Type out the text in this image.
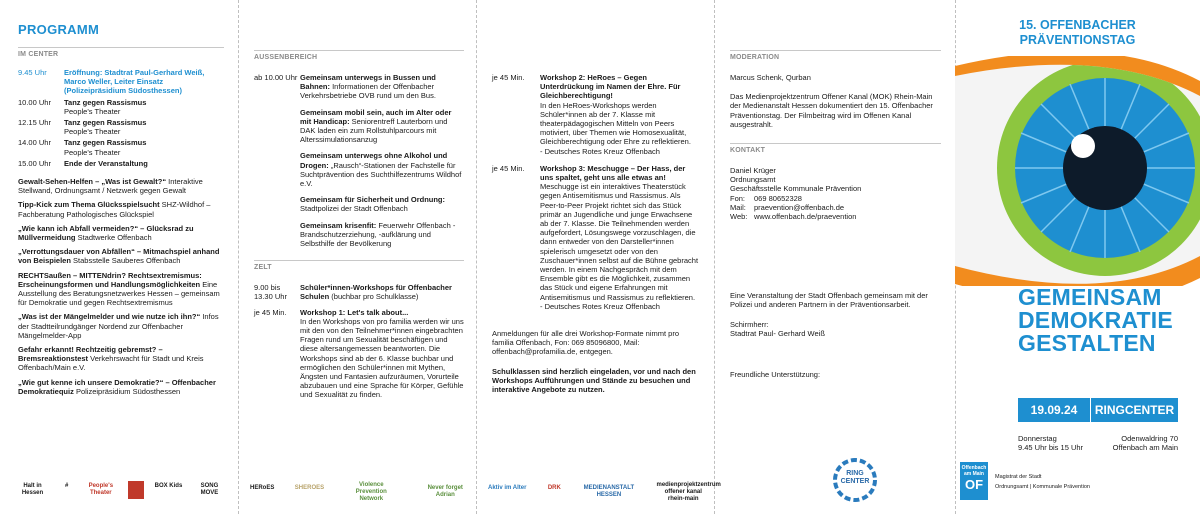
PROGRAMM
IM CENTER
9.45 Uhr	Eröffnung: Stadtrat Paul-Gerhard Weiß,
Marco Weller, Leiter Einsatz
(Polizeipräsidium Südosthessen)
10.00 Uhr	Tanz gegen Rassismus
People's Theater
12.15 Uhr	Tanz gegen Rassismus
People's Theater
14.00 Uhr	Tanz gegen Rassismus
People's Theater
15.00 Uhr	Ende der Veranstaltung
Gewalt-Sehen-Helfen – „Was ist Gewalt?“ Interaktive Stellwand, Ordnungsamt / Netzwerk gegen Gewalt
Tipp-Kick zum Thema Glücksspielsucht SHZ-Wildhof – Fachberatung Pathologisches Glückspiel
„Wie kann ich Abfall vermeiden?“ – Glücksrad zu Müllvermeidung Stadtwerke Offenbach
„Verrottungsdauer von Abfällen“ – Mitmachspiel anhand von Beispielen Stabsstelle Sauberes Offenbach
RECHTSaußen – MITTENdrin? Rechtsextremismus: Erscheinungsformen und Handlungsmöglichkeiten Eine Ausstellung des Beratungsnetzwerkes Hessen – gemeinsam für Demokratie und gegen Rechtsextremismus
„Was ist der Mängelmelder und wie nutze ich ihn?“ Infos der Stadtteilrundgänger Nordend zur Offenbacher Mängelmelder-App
Gefahr erkannt! Rechtzeitig gebremst? – Bremsreaktionstest Verkehrswacht für Stadt und Kreis Offenbach/Main e.V.
„Wie gut kenne ich unsere Demokratie?“ – Offenbacher Demokratiequiz Polizeipräsidium Südosthessen
Halt in Hessen
#	People's Theater
BOX Kids	SONG MOVE
AUSSENBEREICH
ab 10.00 Uhr Gemeinsam unterwegs in Bussen und Bahnen: Informationen der Offenbacher Verkehrsbetriebe OVB rund um den Bus.
Gemeinsam mobil sein, auch im Alter oder mit Handicap: Seniorentreff Lauterborn und DAK laden ein zum Rollstuhlparcours mit Alterssimulationsanzug
Gemeinsam unterwegs ohne Alkohol und Drogen: „Rausch“-Stationen der Fachstelle für Suchtprävention des Suchthilfezentrums Wildhof e.V.
Gemeinsam für Sicherheit und Ordnung: Stadtpolizei der Stadt Offenbach
Gemeinsam krisenfit: Feuerwehr Offenbach - Brandschutzerziehung, -aufklärung und Selbsthilfe der Bevölkerung
ZELT
9.00 bis
13.30 Uhr
Schüler*innen-Workshops für Offenbacher Schulen (buchbar pro Schulklasse)
je 45 Min.	Workshop 1: Let's talk about...
In den Workshops von pro familia werden wir uns mit den von den Teilnehmer*innen eingebrachten Fragen rund um Sexualität beschäftigen und diese altersangemessen beantworten. Die Workshops sind ab der 6. Klasse buchbar und ermöglichen den Schüler*innen mit Mythen, Ängsten und Fantasien aufzuräumen, Vorurteile abzubauen und eine Sprache für Körper, Gefühle und Sexualität zu finden.
je 45 Min.	Workshop 2: HeRoes – Gegen Unterdrückung im Namen der Ehre. Für Gleichberechtigung!
In den HeRoes-Workshops werden Schüler*innen ab der 7. Klasse mit theaterpädagogischen Mitteln von Peers motiviert, über Themen wie Homosexualität, Gleichberechtigung oder Ehre zu reflektieren.
- Deutsches Rotes Kreuz Offenbach
je 45 Min.	Workshop 3: Meschugge – Der Hass, der uns spaltet, geht uns alle etwas an!
Meschugge ist ein interaktives Theaterstück gegen Antisemitismus und Rassismus. Als Peer-to-Peer Projekt richtet sich das Stück primär an Jugendliche und junge Erwachsene ab der 7. Klasse. Die Teilnehmenden werden aufgefordert, Lösungswege vorzuschlagen, die dann entweder von den Darsteller*innen spielerisch umgesetzt oder von den Zuschauer*innen selbst auf die Bühne gebracht werden. In einem Nachgespräch mit dem Ensemble gibt es die Möglichkeit, zusammen das Stück und eigene Erfahrungen mit Antisemitismus und Rassismus zu reflektieren.
- Deutsches Rotes Kreuz Offenbach
Anmeldungen für alle drei Workshop-Formate nimmt pro familia Offenbach, Fon: 069 85096800, Mail: offenbach@profamilia.de, entgegen.
Schulklassen sind herzlich eingeladen, vor und nach den Workshops Aufführungen und Stände zu besuchen und interaktive Angebote zu nutzen.
Aktiv im Alter	DRK	MEDIENANSTALT HESSEN
medienprojektzentrum offener kanal rhein-main
MODERATION
Marcus Schenk, Qurban
Das Medienprojektzentrum Offener Kanal (MOK) Rhein-Main der Medienanstalt Hessen dokumentiert den 15. Offenbacher Präventionstag. Der Filmbeitrag wird im Offenen Kanal ausgestrahlt.
KONTAKT
Daniel Krüger
Ordnungsamt
Geschäftsstelle Kommunale Prävention
Fon:	069 80652328
Mail:	praevention@offenbach.de
Web: www.offenbach.de/praevention
Eine Veranstaltung der Stadt Offenbach gemeinsam mit der Polizei und anderen Partnern in der Präventionsarbeit.
Schirmherr:
Stadtrat Paul- Gerhard Weiß
Freundliche Unterstützung:
RING
CENTER
15. OFFENBACHER
PRÄVENTIONSTAG
GEMEINSAM
DEMOKRATIE
GESTALTEN
19.09.24	RINGCENTER
Donnerstag
9.45 Uhr bis 15 Uhr
Odenwaldring 70
Offenbach am Main
Offenbach am Main
OF	Magistrat der Stadt
Ordnungsamt | Kommunale Prävention
HERoES	SHEROES
Violence Prevention Network
Never forget Adrian
